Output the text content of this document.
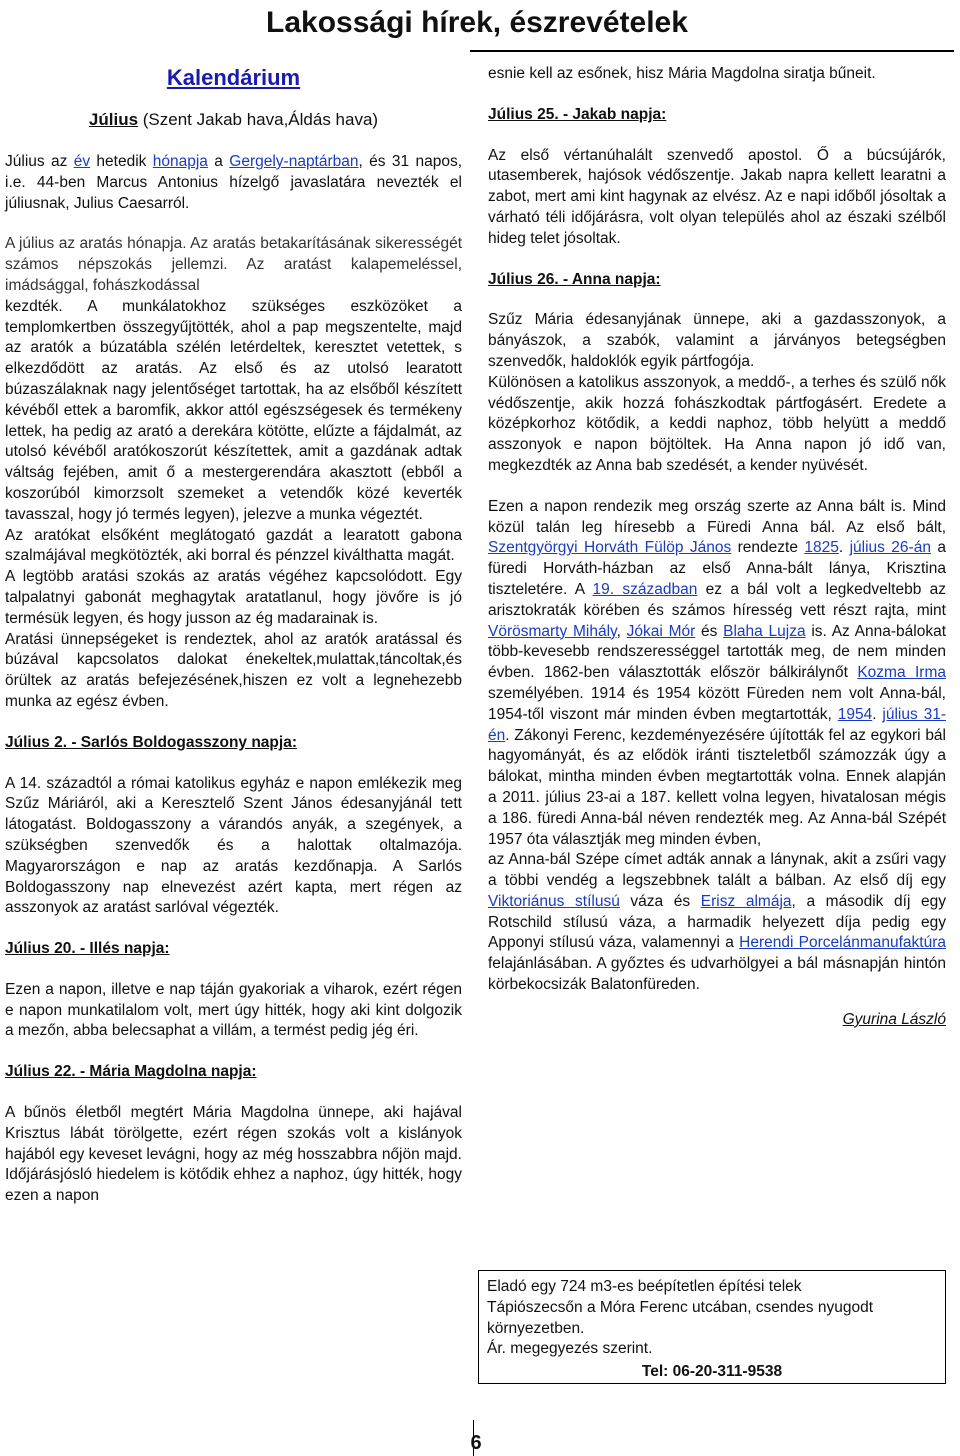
Lakossági hírek, észrevételek
Kalendárium
Július (Szent Jakab hava,Áldás hava)

Július az év hetedik hónapja a Gergely-naptárban, és 31 napos, i.e. 44-ben Marcus Antonius hízelgő javaslatára nevezték el júliusnak, Julius Caesarról.

A július az aratás hónapja. Az aratás betakarításának sikerességét számos népszokás jellemzi. Az aratást kalapemeléssel, imádsággal, fohászkodással

kezdték. A munkálatokhoz szükséges eszközöket a templomkertben összegyűjtötték, ahol a pap megszentelte, majd az aratók a búzatábla szélén letérdeltek, keresztet vetettek, s elkezdődött az aratás. Az első és az utolsó learatott búzaszálaknak nagy jelentőséget tartottak, ha az elsőből készített kévéből ettek a baromfik, akkor attól egészségesek és termékeny lettek, ha pedig az arató a derekára kötötte, elűzte a fájdalmát, az utolsó kévéből aratókoszorút készítettek, amit a gazdának adtak váltság fejében, amit ő a mestergerendára akasztott (ebből a koszorúból kimorzsolt szemeket a vetendők közé keverték tavasszal, hogy jó termés legyen), jelezve a munka végeztét.

Az aratókat elsőként meglátogató gazdát a learatott gabona szalmájával megkötözték, aki borral és pénzzel kiválthatta magát.

A legtöbb aratási szokás az aratás végéhez kapcsolódott. Egy talpalatnyi gabonát meghagytak aratatlanul, hogy jövőre is jó termésük legyen, és hogy jusson az ég madarainak is.

Aratási ünnepségeket is rendeztek, ahol az aratók aratással és búzával kapcsolatos dalokat énekeltek,mulattak,táncoltak,és örültek az aratás befejezésének,hiszen ez volt a legnehezebb munka az egész évben.

Július 2. - Sarlós Boldogasszony napja:

A 14. századtól a római katolikus egyház e napon emlékezik meg Szűz Máriáról, aki a Keresztelő Szent János édesanyjánál tett látogatást. Boldogasszony a várandós anyák, a szegények, a szükségben szenvedők és a halottak oltalmazója. Magyarországon e nap az aratás kezdőnapja. A Sarlós Boldogasszony nap elnevezést azért kapta, mert régen az asszonyok az aratást sarlóval végezték.

Július 20. - Illés napja:

Ezen a napon, illetve e nap táján gyakoriak a viharok, ezért régen e napon munkatilalom volt, mert úgy hitték, hogy aki kint dolgozik a mezőn, abba belecsaphat a villám, a termést pedig jég éri.

Július 22. - Mária Magdolna napja:

A bűnös életből megtért Mária Magdolna ünnepe, aki hajával Krisztus lábát törölgette, ezért régen szokás volt a kislányok hajából egy keveset levágni, hogy az még hosszabbra nőjön majd. Időjárásjósló hiedelem is kötődik ehhez a naphoz, úgy hitték, hogy ezen a napon

esnie kell az esőnek, hisz Mária Magdolna siratja bűneit.

Július 25. - Jakab napja:

Az első vértanúhalált szenvedő apostol. Ő a búcsújárók, utasemberek, hajósok védőszentje. Jakab napra kellett learatni a zabot, mert ami kint hagynak az elvész. Az e napi időből jósoltak a várható téli időjárásra, volt olyan település ahol az északi szélből hideg telet jósoltak.

Július 26. - Anna napja:

Szűz Mária édesanyjának ünnepe, aki a gazdasszonyok, a bányászok, a szabók, valamint a járványos betegségben szenvedők, haldoklók egyik pártfogója.

Különösen a katolikus asszonyok, a meddő-, a terhes és szülő nők védőszentje, akik hozzá fohászkodtak pártfogásért. Eredete a középkorhoz kötődik, a keddi naphoz, több helyütt a meddő asszonyok e napon böjtöltek. Ha Anna napon jó idő van, megkezdték az Anna bab szedését, a kender nyüvését.

Ezen a napon rendezik meg ország szerte az Anna bált is. Mind közül talán leg híresebb a Füredi Anna bál. Az első bált, Szentgyörgyi Horváth Fülöp János rendezte 1825. július 26-án a füredi Horváth-házban az első Anna-bált lánya, Krisztina tiszteletére. A 19. században ez a bál volt a legkedveltebb az arisztokraták körében és számos híresség vett részt rajta, mint Vörösmarty Mihály, Jókai Mór és Blaha Lujza is. Az Anna-bálokat több-kevesebb rendszerességgel tartották meg, de nem minden évben. 1862-ben választották először bálkirálynőt Kozma Irma személyében. 1914 és 1954 között Füreden nem volt Anna-bál, 1954-től viszont már minden évben megtartották, 1954. július 31-én. Zákonyi Ferenc, kezdeményezésére újították fel az egykori bál hagyományát, és az elődök iránti tiszteletből számozzák úgy a bálokat, mintha minden évben megtartották volna. Ennek alapján a 2011. július 23-ai a 187. kellett volna legyen, hivatalosan mégis a 186. füredi Anna-bál néven rendezték meg. Az Anna-bál Szépét 1957 óta választják meg minden évben,

az Anna-bál Szépe címet adták annak a lánynak, akit a zsűri vagy a többi vendég a legszebbnek talált a bálban. Az első díj egy Viktoriánus stílusú váza és Erisz almája, a második díj egy Rotschild stílusú váza, a harmadik helyezett díja pedig egy Apponyi stílusú váza, valamennyi a Herendi Porcelánmanufaktúra felajánlásában. A győztes és udvarhölgyei a bál másnapján hintón körbekocsizák Balatonfüreden.

Gyurina László

Eladó egy 724 m3-es beépítetlen építési telek
Tápiószecsőn a Móra Ferenc utcában, csendes nyugodt környezetben.
Ár. megegyezés szerint.
Tel: 06-20-311-9538
6
